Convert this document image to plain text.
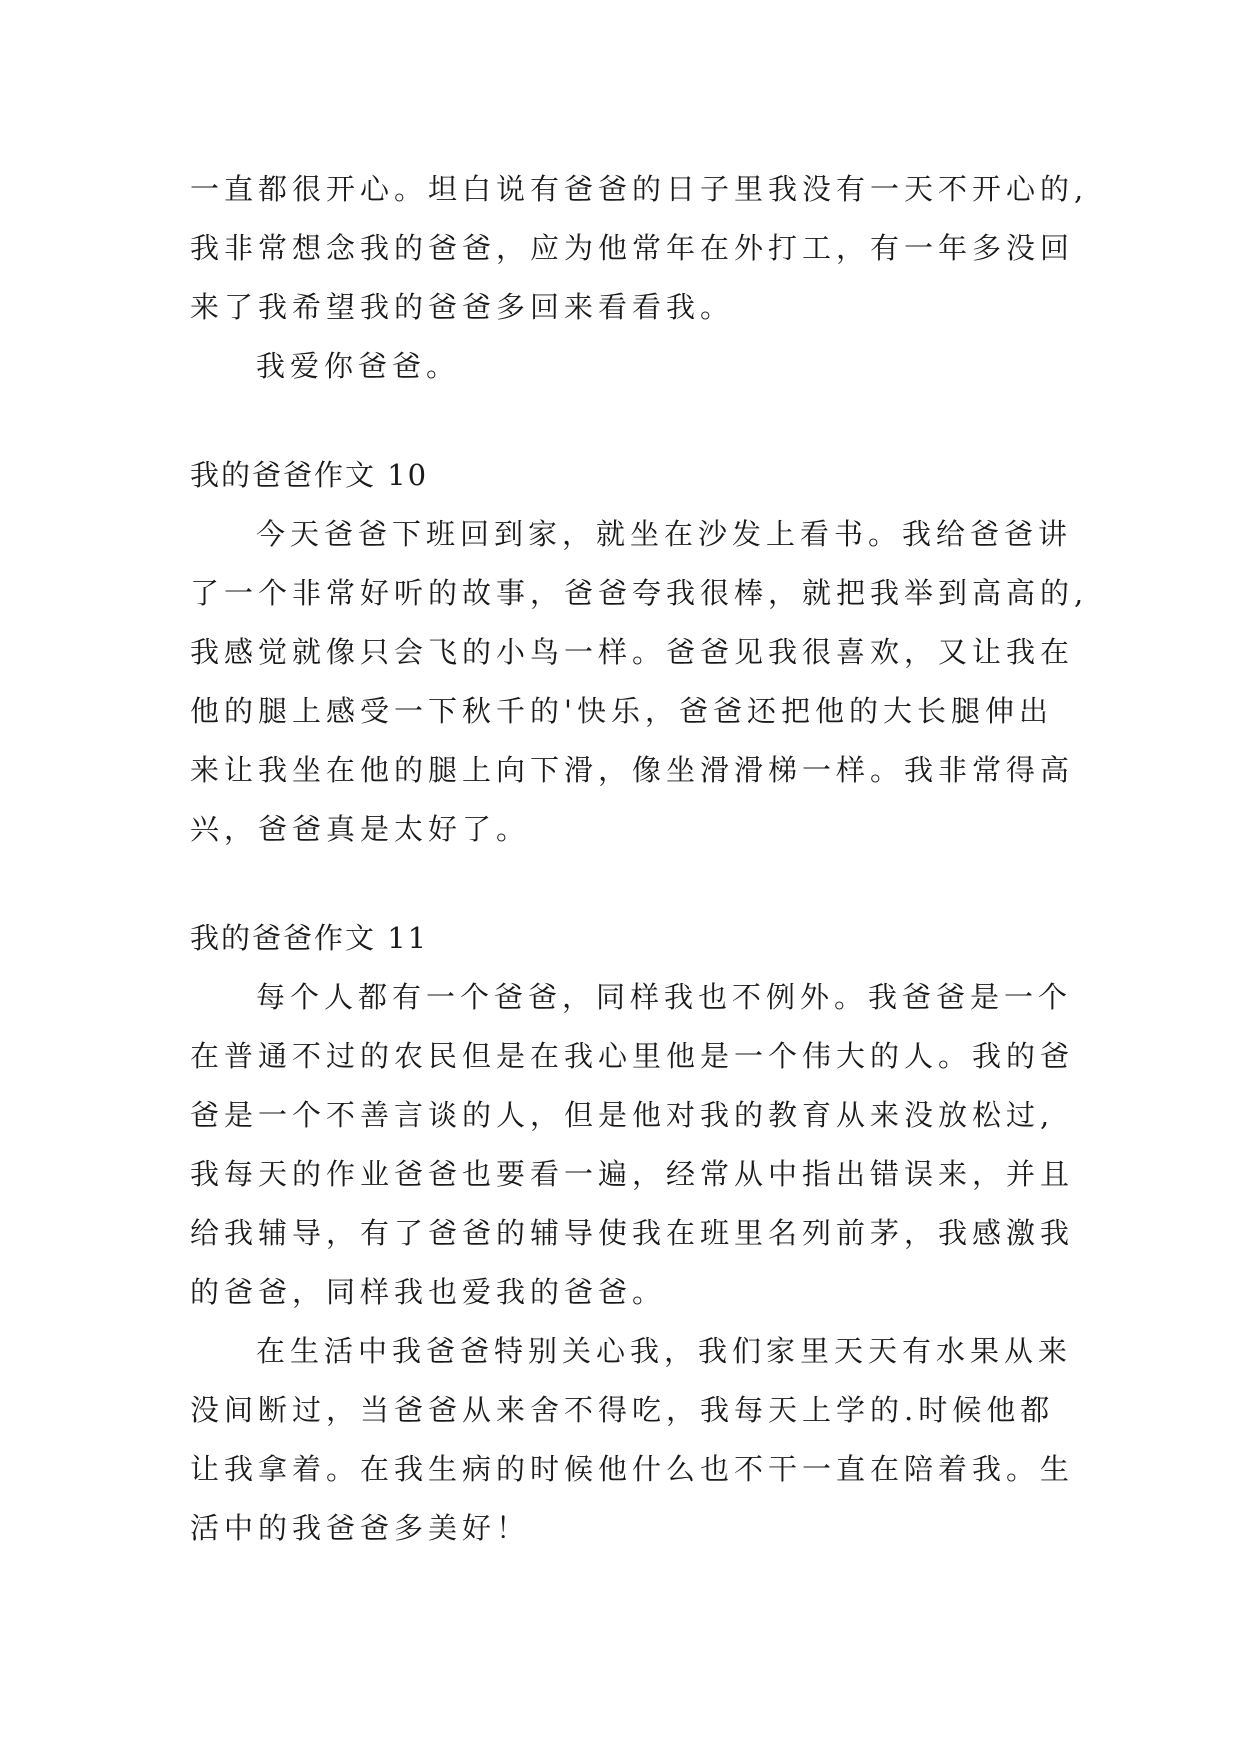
一直都很开心。坦白说有爸爸的日子里我没有一天不开心的,
我非常想念我的爸爸，应为他常年在外打工，有一年多没回
来了我希望我的爸爸多回来看看我。
我爱你爸爸。
我的爸爸作文 10
今天爸爸下班回到家，就坐在沙发上看书。我给爸爸讲
了一个非常好听的故事，爸爸夸我很棒，就把我举到高高的,
我感觉就像只会飞的小鸟一样。爸爸见我很喜欢，又让我在
他的腿上感受一下秋千的'快乐，爸爸还把他的大长腿伸出
来让我坐在他的腿上向下滑，像坐滑滑梯一样。我非常得高
兴，爸爸真是太好了。
我的爸爸作文 11
每个人都有一个爸爸，同样我也不例外。我爸爸是一个
在普通不过的农民但是在我心里他是一个伟大的人。我的爸
爸是一个不善言谈的人，但是他对我的教育从来没放松过,
我每天的作业爸爸也要看一遍，经常从中指出错误来，并且
给我辅导，有了爸爸的辅导使我在班里名列前茅，我感激我
的爸爸，同样我也爱我的爸爸。
在生活中我爸爸特别关心我，我们家里天天有水果从来
没间断过，当爸爸从来舍不得吃，我每天上学的.时候他都
让我拿着。在我生病的时候他什么也不干一直在陪着我。生
活中的我爸爸多美好！
